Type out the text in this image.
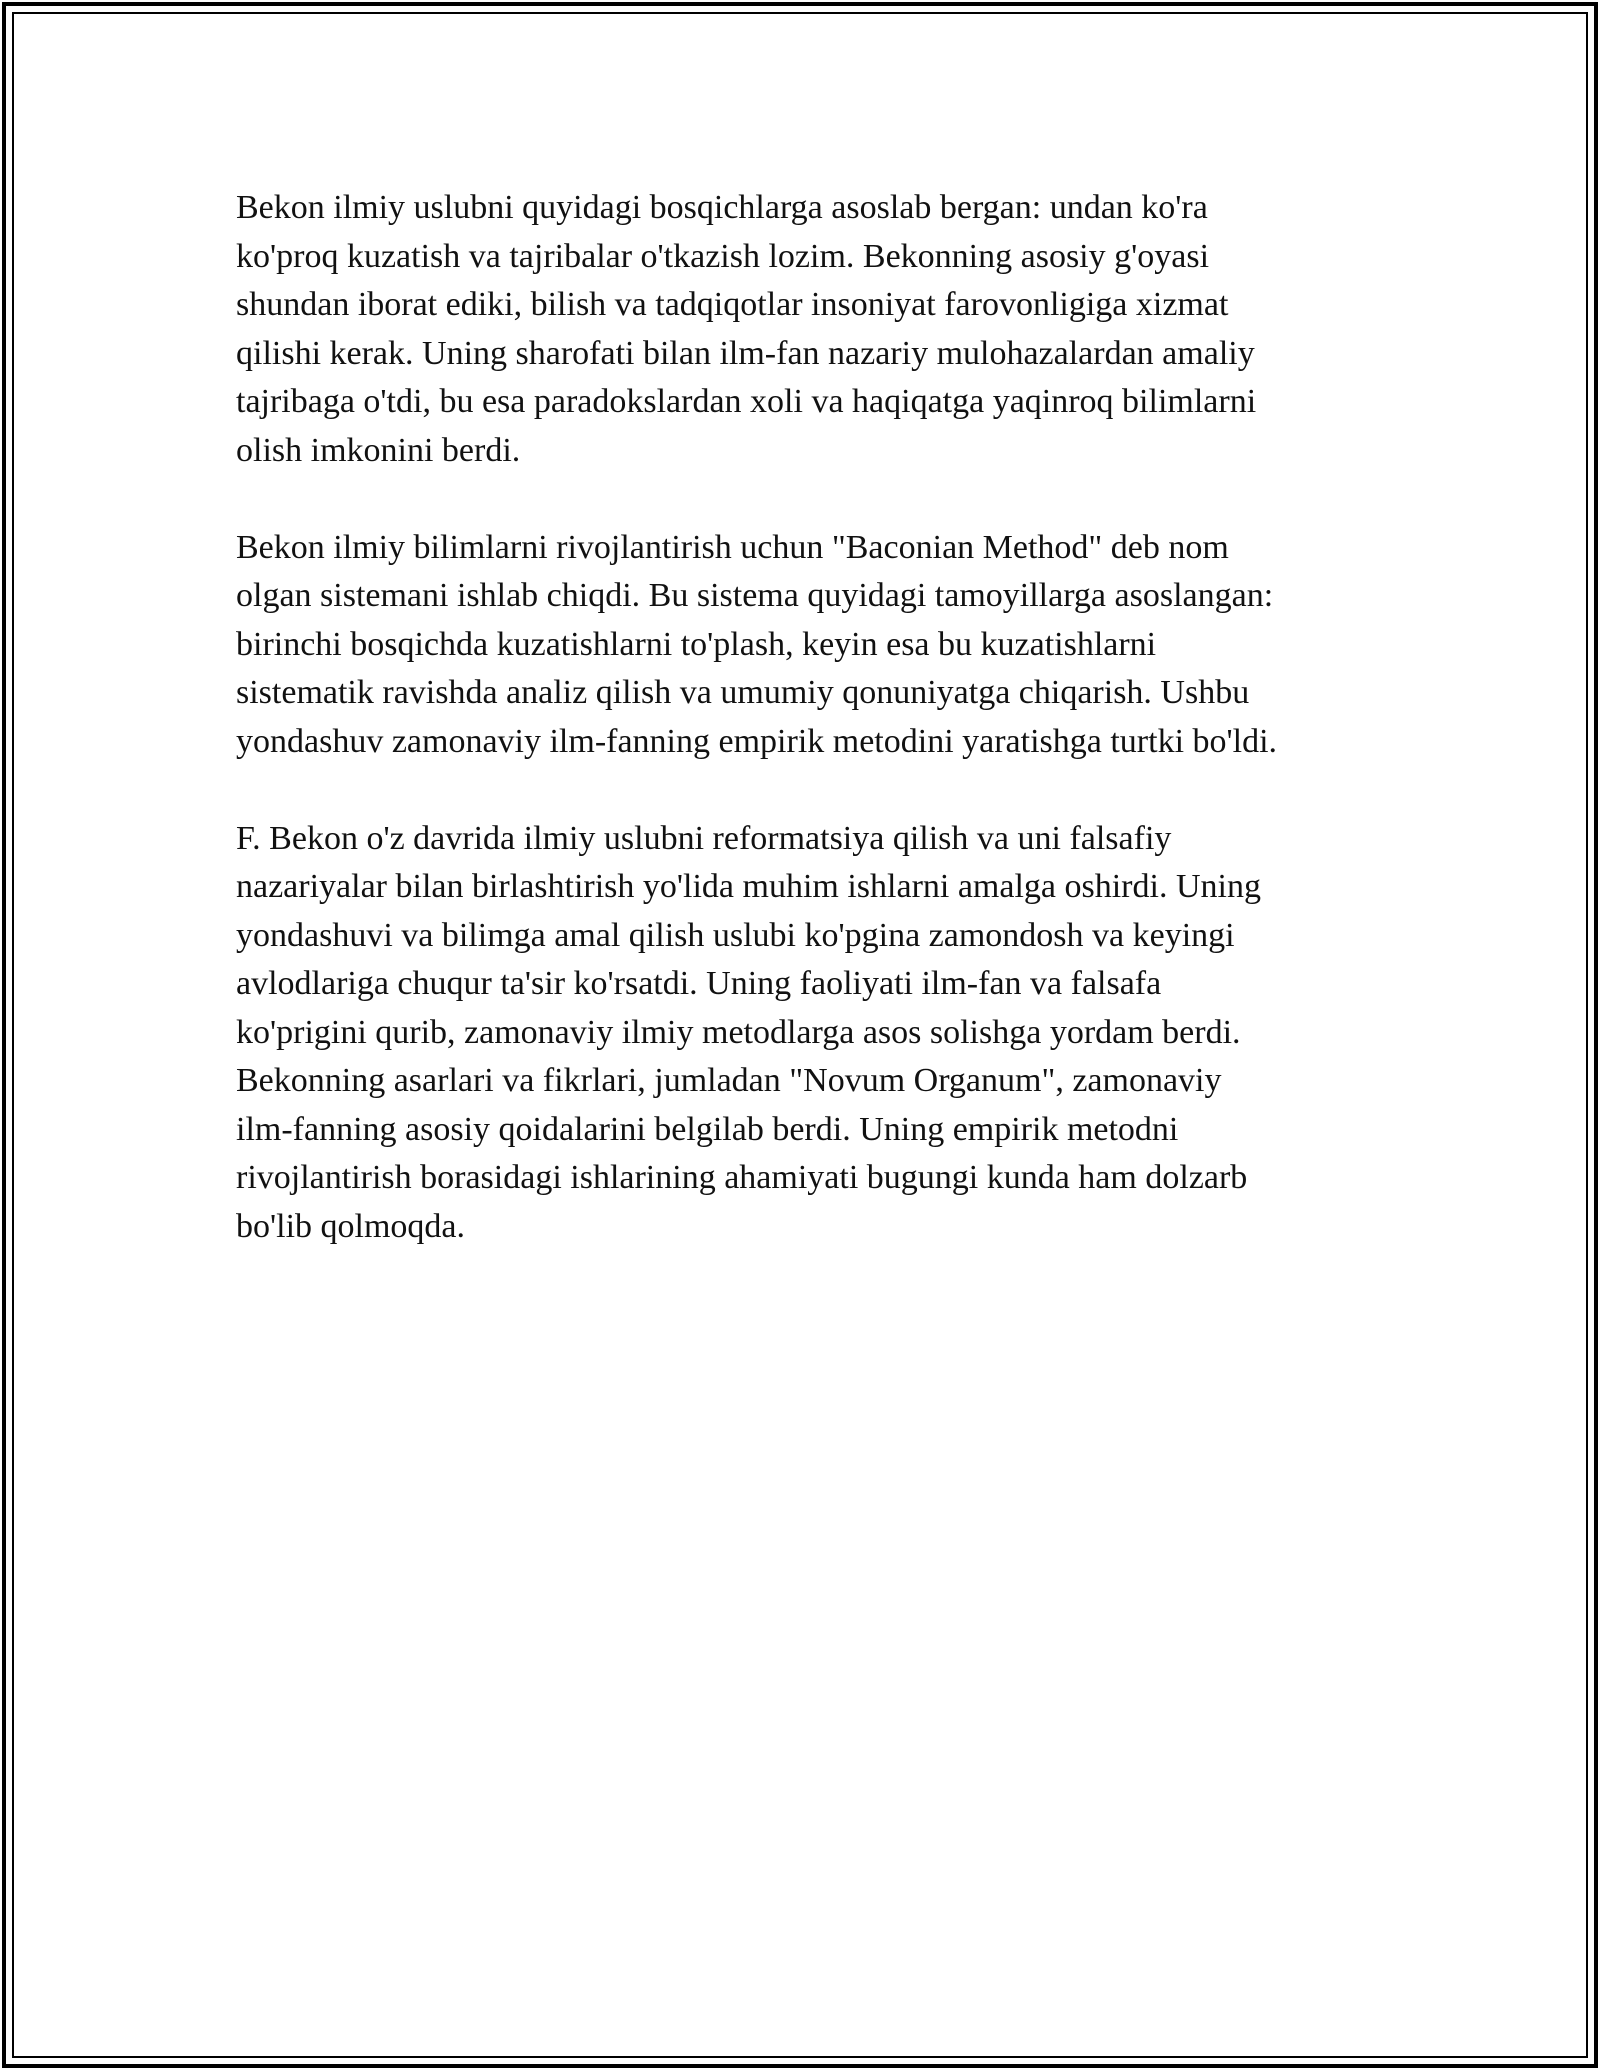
Bekon ilmiy uslubni quyidagi bosqichlarga asoslab bergan: undan ko'ra
ko'proq kuzatish va tajribalar o'tkazish lozim. Bekonning asosiy g'oyasi
shundan iborat ediki, bilish va tadqiqotlar insoniyat farovonligiga xizmat
qilishi kerak. Uning sharofati bilan ilm-fan nazariy mulohazalardan amaliy
tajribaga o'tdi, bu esa paradokslardan xoli va haqiqatga yaqinroq bilimlarni
olish imkonini berdi.

Bekon ilmiy bilimlarni rivojlantirish uchun "Baconian Method" deb nom
olgan sistemani ishlab chiqdi. Bu sistema quyidagi tamoyillarga asoslangan:
birinchi bosqichda kuzatishlarni to'plash, keyin esa bu kuzatishlarni
sistematik ravishda analiz qilish va umumiy qonuniyatga chiqarish. Ushbu
yondashuv zamonaviy ilm-fanning empirik metodini yaratishga turtki bo'ldi.

F. Bekon o'z davrida ilmiy uslubni reformatsiya qilish va uni falsafiy
nazariyalar bilan birlashtirish yo'lida muhim ishlarni amalga oshirdi. Uning
yondashuvi va bilimga amal qilish uslubi ko'pgina zamondosh va keyingi
avlodlariga chuqur ta'sir ko'rsatdi. Uning faoliyati ilm-fan va falsafa
ko'prigini qurib, zamonaviy ilmiy metodlarga asos solishga yordam berdi.
Bekonning asarlari va fikrlari, jumladan "Novum Organum", zamonaviy
ilm-fanning asosiy qoidalarini belgilab berdi. Uning empirik metodni
rivojlantirish borasidagi ishlarining ahamiyati bugungi kunda ham dolzarb
bo'lib qolmoqda.
